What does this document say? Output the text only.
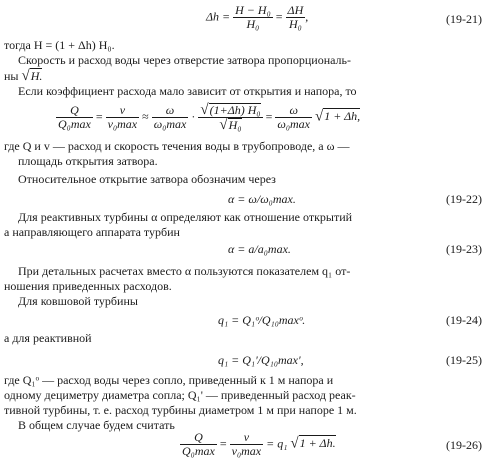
$\Delta h = \frac{\text{H − H₀}}{\text{H₀}} = \frac{\Delta H}{\text{H₀}}$ ,	(19-21)
тогда H = (1 + Δh) H₀.
Скорость и расход воды через отверстие затвора пропорциональ-
ны √H.
Если коэффициент расхода мало зависит от открытия и напора, то
$\frac{Q}{\text{Q₀max}} = \frac{v}{\text{v₀max}} \approx \frac{\omega}{\text{ω₀max}} \cdot \frac{\text{√(1+Δh) H₀}}{\text{√H₀}} = \frac{\omega}{\text{ω₀max}} √1 + \Delta h$,
где Q и v — расход и скорость течения воды в трубопроводе, а ω —
площадь открытия затвора.
Относительное открытие затвора обозначим через
α = ω/ω₀max.	(19-22)
Для реактивных турбины α определяют как отношение открытий
a направляющего аппарата турбин
α = a/a₀max.	(19-23)
При детальных расчетах вместо α пользуются показателем q₁ от-
ношения приведенных расходов.
Для ковшовой турбины
q₁ = Q₁ᵒ/Q₁₀maxᵒ.	(19-24)
а для реактивной
q₁ = Q₁'/Q₁₀max',	(19-25)
где Q₁ᵒ — расход воды через сопло, приведенный к 1 м напора и
одному дециметру диаметра сопла; Q₁' — приведенный расход реак-
тивной турбины, т. е. расход турбины диаметром 1 м при напоре 1 м.
В общем случае будем считать
$\frac{Q}{\text{Q₀max}} = \frac{v}{\text{v₀max}} = q_1$ √1 + Δh.	(19-26)
